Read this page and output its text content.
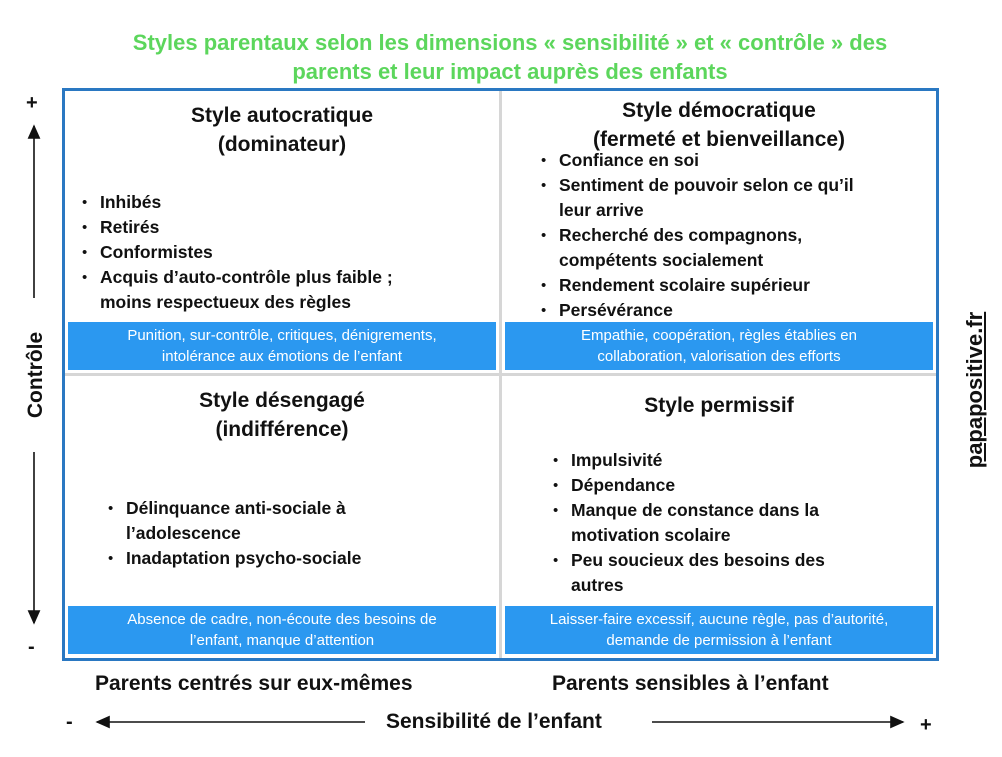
Styles parentaux selon les dimensions « sensibilité » et « contrôle » des
parents et leur impact auprès des enfants
Style autocratique
(dominateur)
• Inhibés
• Retirés
• Conformistes
• Acquis d’auto-contrôle plus faible ;
moins respectueux des règles
Punition, sur-contrôle, critiques, dénigrements,
intolérance aux émotions de l’enfant
Style démocratique
(fermeté et bienveillance)
• Confiance en soi
• Sentiment de pouvoir selon ce qu’il
leur arrive
• Recherché des compagnons,
compétents socialement
• Rendement scolaire supérieur
• Persévérance
Empathie, coopération, règles établies en
collaboration, valorisation des efforts
Style désengagé
(indifférence)
• Délinquance anti-sociale à
l’adolescence
• Inadaptation psycho-sociale
Absence de cadre, non-écoute des besoins de
l’enfant, manque d’attention
Style permissif
• Impulsivité
• Dépendance
• Manque de constance dans la
motivation scolaire
• Peu soucieux des besoins des
autres
Laisser-faire excessif, aucune règle, pas d’autorité,
demande de permission à l’enfant
+
-
Contrôle	papapositive.fr
Parents centrés sur eux-mêmes	Parents sensibles à l’enfant
-	+
Sensibilité de l’enfant
